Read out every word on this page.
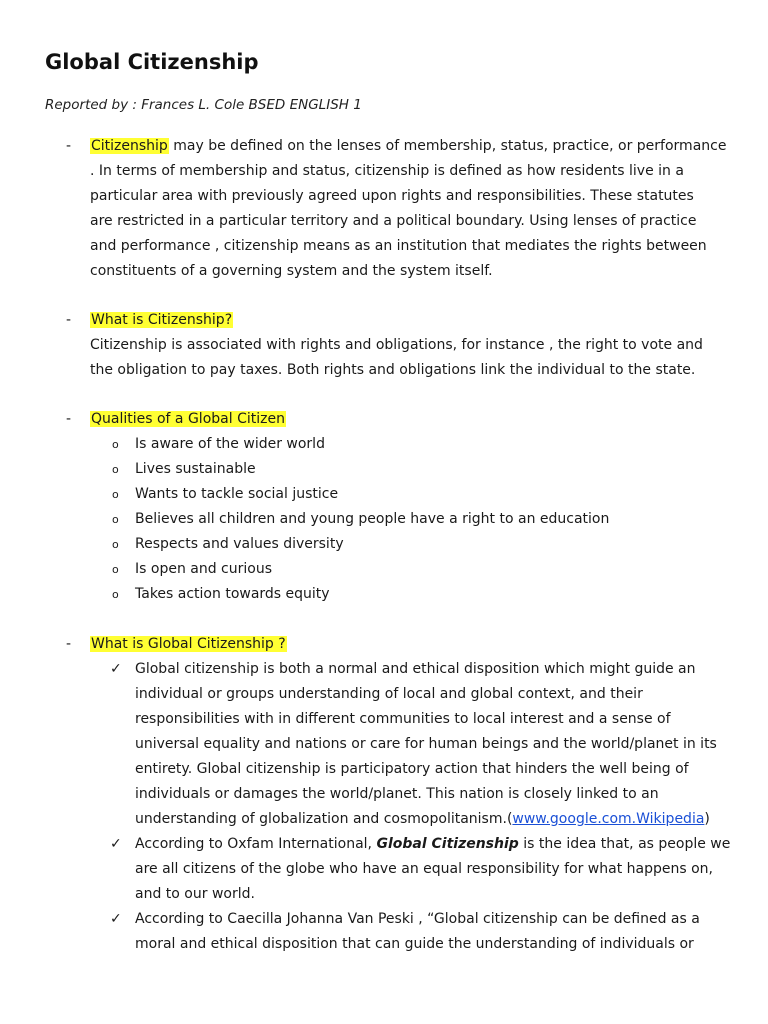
Global Citizenship
Reported by : Frances L. Cole BSED ENGLISH 1
-	Citizenship may be defined on the lenses of membership, status, practice, or performance
. In terms of membership and status, citizenship is defined as how residents live in a
particular area with previously agreed upon rights and responsibilities. These statutes
are restricted in a particular territory and a political boundary. Using lenses of practice
and performance , citizenship means as an institution that mediates the rights between
constituents of a governing system and the system itself.
-	What is Citizenship?
Citizenship is associated with rights and obligations, for instance , the right to vote and
the obligation to pay taxes. Both rights and obligations link the individual to the state.
-	Qualities of a Global Citizen
o	Is aware of the wider world
o	Lives sustainable
o	Wants to tackle social justice
o	Believes all children and young people have a right to an education
o	Respects and values diversity
o	Is open and curious
o	Takes action towards equity
-	What is Global Citizenship ?
✓ Global citizenship is both a normal and ethical disposition which might guide an
individual or groups understanding of local and global context, and their
responsibilities with in different communities to local interest and a sense of
universal equality and nations or care for human beings and the world/planet in its
entirety. Global citizenship is participatory action that hinders the well being of
individuals or damages the world/planet. This nation is closely linked to an
understanding of globalization and cosmopolitanism.(www.google.com.Wikipedia)
✓ According to Oxfam International, Global Citizenship is the idea that, as people we
are all citizens of the globe who have an equal responsibility for what happens on,
and to our world.
✓ According to Caecilla Johanna Van Peski , “Global citizenship can be defined as a
moral and ethical disposition that can guide the understanding of individuals or
